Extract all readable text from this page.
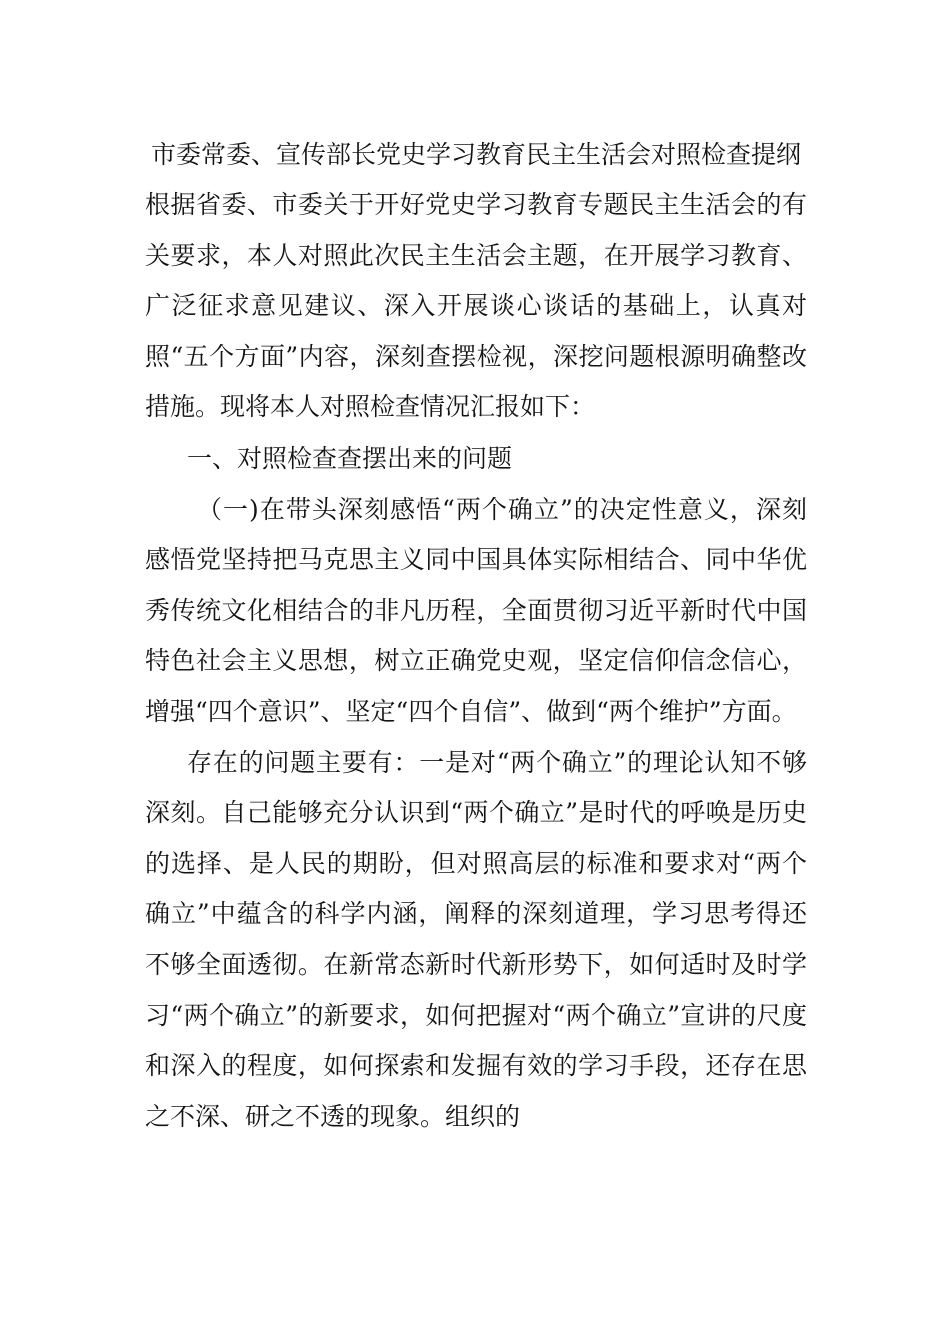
市委常委、宣传部长党史学习教育民主生活会对照检查提纲

根据省委、市委关于开好党史学习教育专题民主生活会的有关要求，本人对照此次民主生活会主题，在开展学习教育、广泛征求意见建议、深入开展谈心谈话的基础上，认真对照“五个方面”内容，深刻查摆检视，深挖问题根源明确整改措施。现将本人对照检查情况汇报如下：

一、对照检查查摆出来的问题

（一)在带头深刻感悟“两个确立”的决定性意义，深刻感悟党坚持把马克思主义同中国具体实际相结合、同中华优秀传统文化相结合的非凡历程，全面贯彻习近平新时代中国特色社会主义思想，树立正确党史观，坚定信仰信念信心，增强“四个意识”、坚定“四个自信”、做到“两个维护”方面。

存在的问题主要有：一是对“两个确立”的理论认知不够深刻。自己能够充分认识到“两个确立”是时代的呼唤是历史的选择、是人民的期盼，但对照高层的标准和要求对“两个确立”中蕴含的科学内涵，阐释的深刻道理，学习思考得还不够全面透彻。在新常态新时代新形势下，如何适时及时学习“两个确立”的新要求，如何把握对“两个确立”宣讲的尺度和深入的程度，如何探索和发掘有效的学习手段，还存在思之不深、研之不透的现象。组织的
